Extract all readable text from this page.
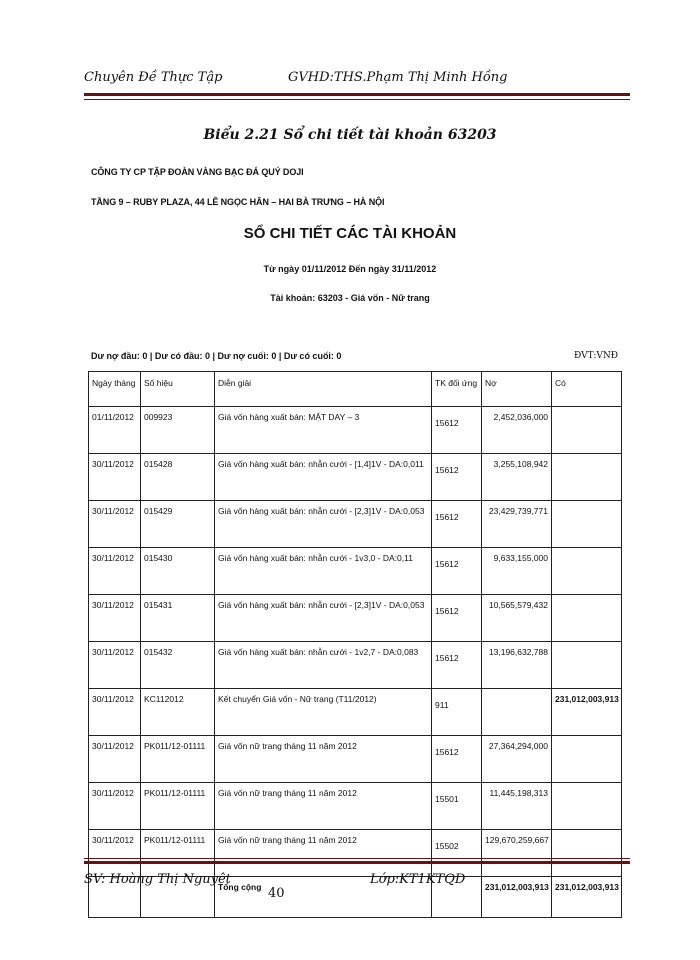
Chuyên Đề Thực Tập	GVHD:THS.Phạm Thị Minh Hồng
Biểu 2.21 Sổ chi tiết tài khoản 63203
CÔNG TY CP TẬP ĐOÀN VÀNG BẠC ĐÁ QUÝ DOJI
TẦNG 9 – RUBY PLAZA, 44 LÊ NGỌC HÂN – HAI BÀ TRƯNG – HÀ NỘI
SỔ CHI TIẾT CÁC TÀI KHOẢN
Từ ngày 01/11/2012 Đến ngày 31/11/2012
Tài khoản: 63203 - Giá vốn - Nữ trang
Dư nợ đầu: 0 | Dư có đầu: 0 | Dư nợ cuối: 0 | Dư có cuối: 0	ĐVT:VNĐ
Ngày tháng	Số hiệu	Diễn giải	TK đối ứng	Nợ	Có
01/11/2012	009923	Giá vốn hàng xuất bán: MẶT DAY – 3	15612	2,452,036,000	
30/11/2012	015428	Giá vốn hàng xuất bán: nhẫn cưới - [1,4]1V - DA:0,011	15612	3,255,108,942	
30/11/2012	015429	Giá vốn hàng xuất bán: nhẫn cưới - [2,3]1V - DA:0,053	15612	23,429,739,771	
30/11/2012	015430	Giá vốn hàng xuất bán: nhẫn cưới - 1v3,0 - DA:0,11	15612	9,633,155,000	
30/11/2012	015431	Giá vốn hàng xuất bán: nhẫn cưới - [2,3]1V - DA:0,053	15612	10,565,579,432	
30/11/2012	015432	Giá vốn hàng xuất bán: nhẫn cưới - 1v2,7 - DA:0,083	15612	13,196,632,788	
30/11/2012	KC112012	Kết chuyển Giá vốn - Nữ trang (T11/2012)	911		231,012,003,913
30/11/2012	PK011/12-01111	Giá vốn nữ trang tháng 11 năm 2012	15612	27,364,294,000	
30/11/2012	PK011/12-01111	Giá vốn nữ trang tháng 11 năm 2012	15501	11,445,198,313	
30/11/2012	PK011/12-01111	Giá vốn nữ trang tháng 11 năm 2012	15502	129,670,259,667	
		Tổng cộng		231,012,003,913	231,012,003,913
SV: Hoàng Thị Nguyệt
40
Lớp:KT1KTQD
